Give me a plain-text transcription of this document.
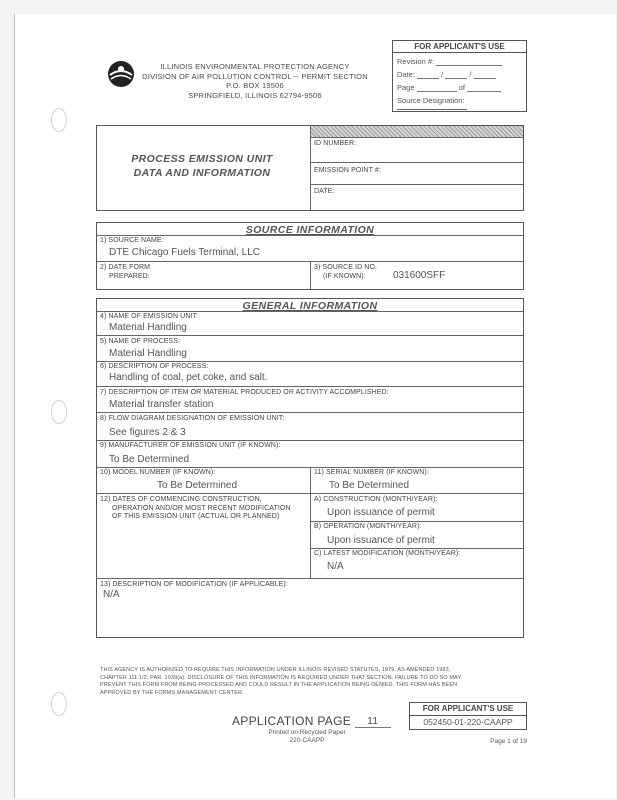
ILLINOIS ENVIRONMENTAL PROTECTION AGENCY
DIVISION OF AIR POLLUTION CONTROL -- PERMIT SECTION
P.O. BOX 19506
SPRINGFIELD, ILLINOIS 62794-9506
FOR APPLICANT'S USE
Revision #:
Date:	/	/
Page	of
Source Designation:
PROCESS EMISSION UNIT
DATA AND INFORMATION
ID NUMBER:
EMISSION POINT #:
DATE:
SOURCE INFORMATION
1) SOURCE NAME:
DTE Chicago Fuels Terminal, LLC
2) DATE FORM
PREPARED:
3) SOURCE ID NO.
(IF KNOWN):	031600SFF
GENERAL INFORMATION
4) NAME OF EMISSION UNIT:
Material Handling
5) NAME OF PROCESS:
Material Handling
6) DESCRIPTION OF PROCESS:
Handling of coal, pet coke, and salt.
7) DESCRIPTION OF ITEM OR MATERIAL PRODUCED OR ACTIVITY ACCOMPLISHED:
Material transfer station
8) FLOW DIAGRAM DESIGNATION OF EMISSION UNIT:
See figures 2 & 3
9) MANUFACTURER OF EMISSION UNIT (IF KNOWN):
To Be Determined
10) MODEL NUMBER (IF KNOWN):
To Be Determined
11) SERIAL NUMBER (IF KNOWN):
To Be Determined
12) DATES OF COMMENCING CONSTRUCTION,
OPERATION AND/OR MOST RECENT MODIFICATION
OF THIS EMISSION UNIT (ACTUAL OR PLANNED)
A) CONSTRUCTION (MONTH/YEAR):
Upon issuance of permit
B) OPERATION (MONTH/YEAR):
Upon issuance of permit
C) LATEST MODIFICATION (MONTH/YEAR):
N/A
13) DESCRIPTION OF MODIFICATION (IF APPLICABLE):
N/A
THIS AGENCY IS AUTHORIZED TO REQUIRE THIS INFORMATION UNDER ILLINOIS REVISED STATUTES, 1979, AS AMENDED 1983,
CHAPTER 111 1/2, PAR. 1039(a). DISCLOSURE OF THIS INFORMATION IS REQUIRED UNDER THAT SECTION. FAILURE TO DO SO MAY
PREVENT THIS FORM FROM BEING PROCESSED AND COULD RESULT IN THE APPLICATION BEING DENIED. THIS FORM HAS BEEN
APPROVED BY THE FORMS MANAGEMENT CENTER.
APPLICATION PAGE 11
Printed on Recycled Paper
220-CAAPP
FOR APPLICANT'S USE
052450-01-220-CAAPP
Page 1 of 19
